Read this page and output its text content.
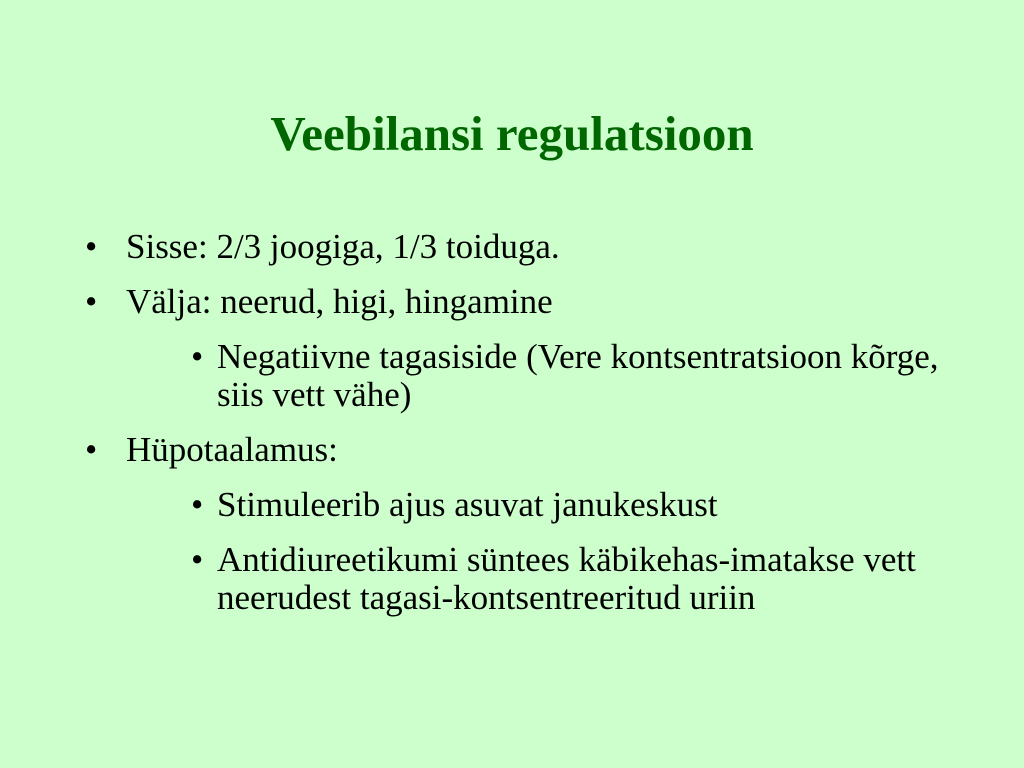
Veebilansi regulatsioon
• Sisse: 2/3 joogiga, 1/3 toiduga.
• Välja: neerud, higi, hingamine
• Negatiivne tagasiside (Vere kontsentratsioon kõrge, siis vett vähe)
• Hüpotaalamus:
• Stimuleerib ajus asuvat janukeskust
• Antidiureetikumi süntees käbikehas-imatakse vett neerudest tagasi-kontsentreeritud uriin
